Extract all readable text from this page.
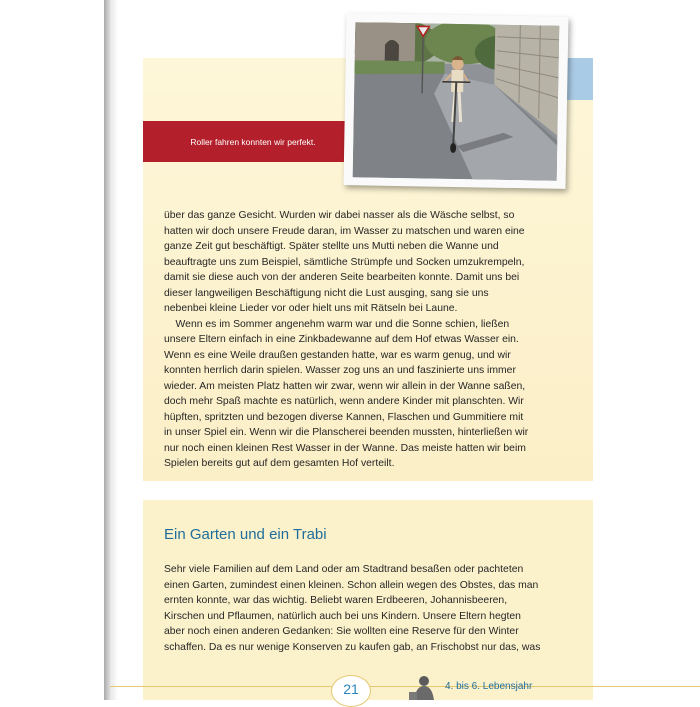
Roller fahren konnten wir perfekt.
über das ganze Gesicht. Wurden wir dabei nasser als die Wäsche selbst, so
hatten wir doch unsere Freude daran, im Wasser zu matschen und waren eine
ganze Zeit gut beschäftigt. Später stellte uns Mutti neben die Wanne und
beauftragte uns zum Beispiel, sämtliche Strümpfe und Socken umzukrempeln,
damit sie diese auch von der anderen Seite bearbeiten konnte. Damit uns bei
dieser langweiligen Beschäftigung nicht die Lust ausging, sang sie uns
nebenbei kleine Lieder vor oder hielt uns mit Rätseln bei Laune.
Wenn es im Sommer angenehm warm war und die Sonne schien, ließen
unsere Eltern einfach in eine Zinkbadewanne auf dem Hof etwas Wasser ein.
Wenn es eine Weile draußen gestanden hatte, war es warm genug, und wir
konnten herrlich darin spielen. Wasser zog uns an und faszinierte uns immer
wieder. Am meisten Platz hatten wir zwar, wenn wir allein in der Wanne saßen,
doch mehr Spaß machte es natürlich, wenn andere Kinder mit planschten. Wir
hüpften, spritzten und bezogen diverse Kannen, Flaschen und Gummitiere mit
in unser Spiel ein. Wenn wir die Planscherei beenden mussten, hinterließen wir
nur noch einen kleinen Rest Wasser in der Wanne. Das meiste hatten wir beim
Spielen bereits gut auf dem gesamten Hof verteilt.
Ein Garten und ein Trabi
Sehr viele Familien auf dem Land oder am Stadtrand besaßen oder pachteten
einen Garten, zumindest einen kleinen. Schon allein wegen des Obstes, das man
ernten konnte, war das wichtig. Beliebt waren Erdbeeren, Johannisbeeren,
Kirschen und Pflaumen, natürlich auch bei uns Kindern. Unsere Eltern hegten
aber noch einen anderen Gedanken: Sie wollten eine Reserve für den Winter
schaffen. Da es nur wenige Konserven zu kaufen gab, an Frischobst nur das, was
21	4. bis 6. Lebensjahr
